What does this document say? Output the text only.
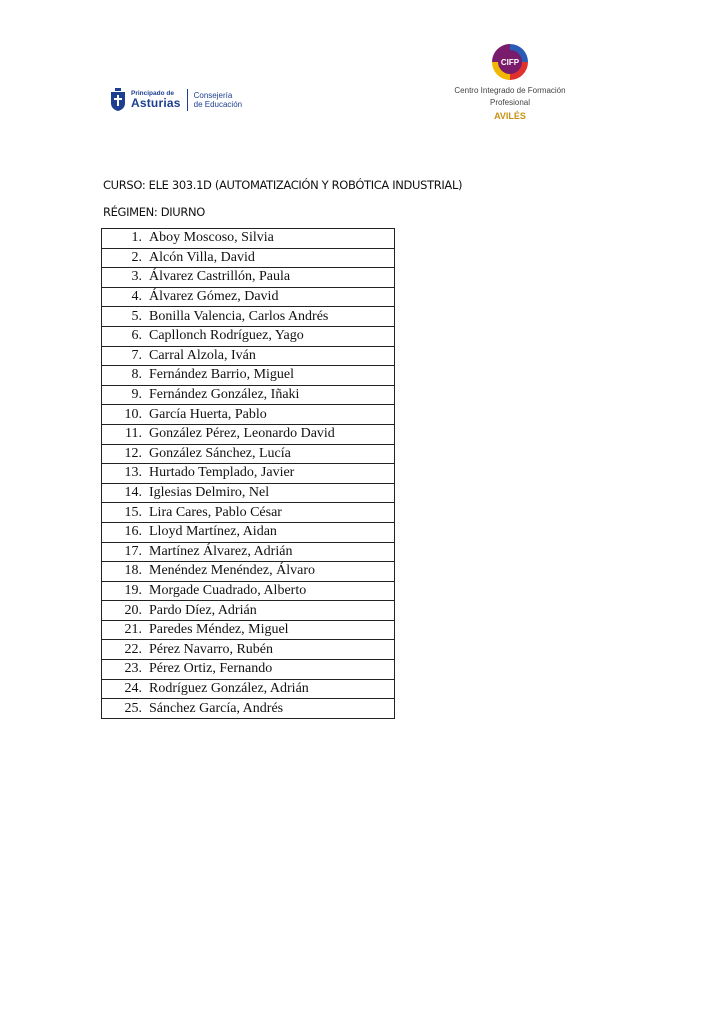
Principado de
Asturias
Consejería
de Educación
CIFP
Centro Integrado de Formación
Profesional
AVILÉS
CURSO: ELE 303.1D (AUTOMATIZACIÓN Y ROBÓTICA INDUSTRIAL)
RÉGIMEN: DIURNO
1. Aboy Moscoso, Silvia

2. Alcón Villa, David

3. Álvarez Castrillón, Paula

4. Álvarez Gómez, David

5. Bonilla Valencia, Carlos Andrés

6. Capllonch Rodríguez, Yago

7. Carral Alzola, Iván

8. Fernández Barrio, Miguel

9. Fernández González, Iñaki

10. García Huerta, Pablo

11. González Pérez, Leonardo David

12. González Sánchez, Lucía

13. Hurtado Templado, Javier

14. Iglesias Delmiro, Nel

15. Lira Cares, Pablo César

16. Lloyd Martínez, Aidan

17. Martínez Álvarez, Adrián

18. Menéndez Menéndez, Álvaro

19. Morgade Cuadrado, Alberto

20. Pardo Díez, Adrián

21. Paredes Méndez, Miguel

22. Pérez Navarro, Rubén

23. Pérez Ortiz, Fernando

24. Rodríguez González, Adrián

25. Sánchez García, Andrés
